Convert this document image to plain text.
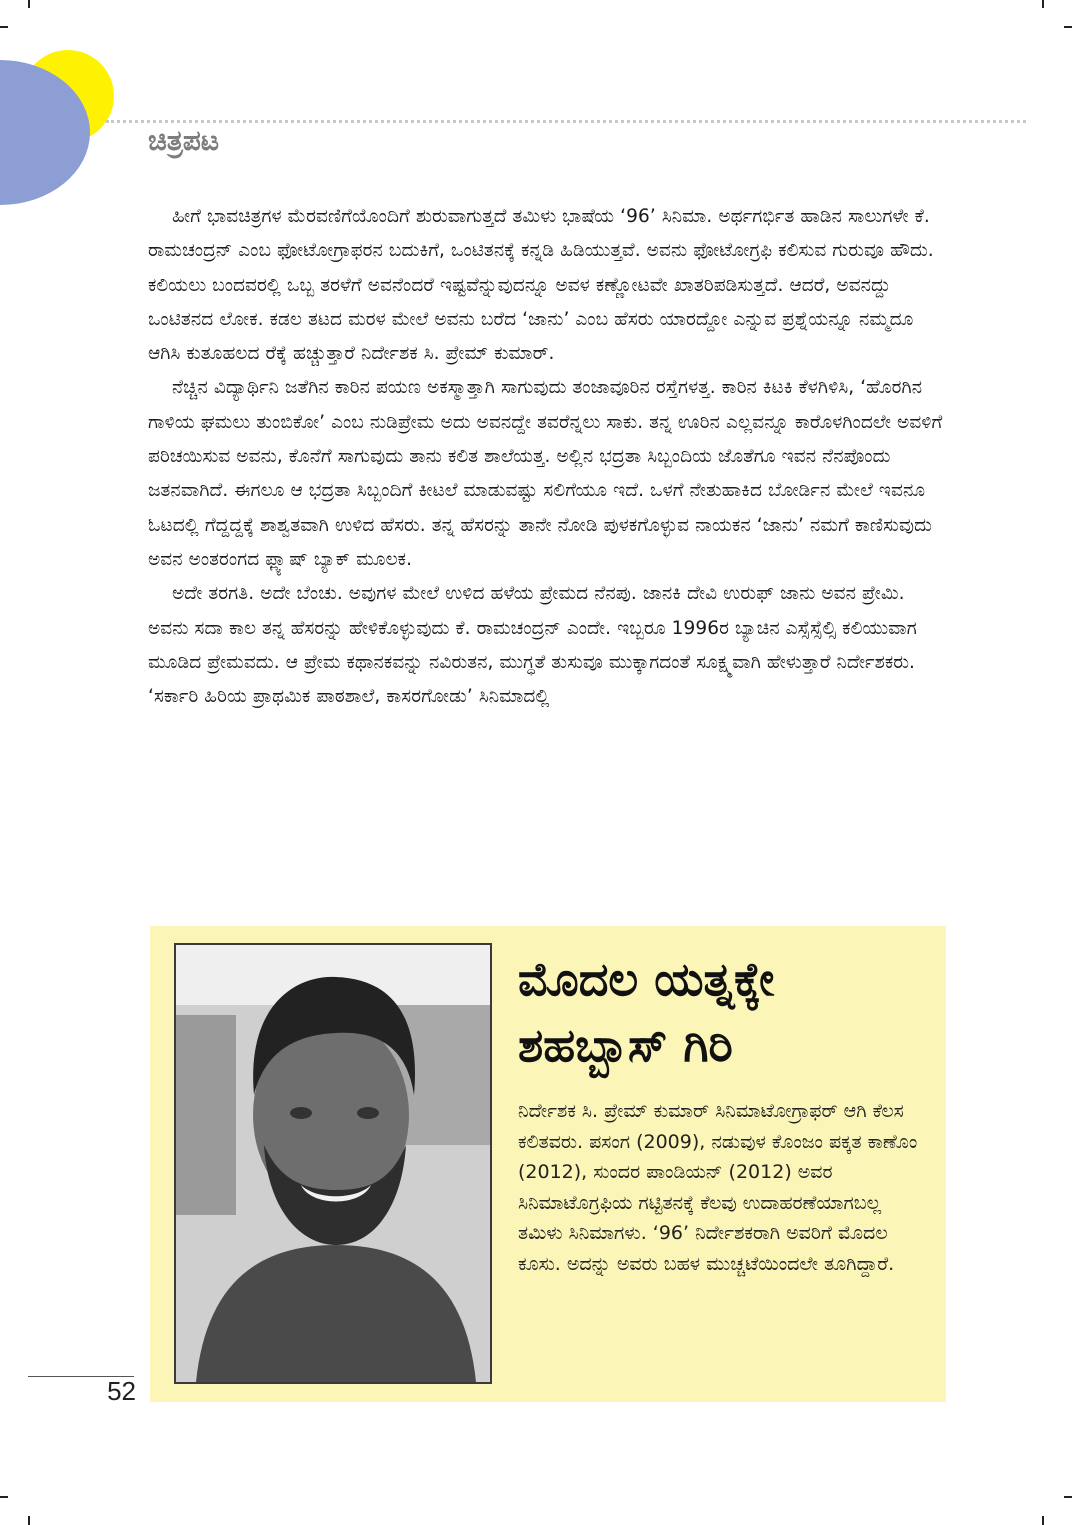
ಚಿತ್ರಪಟ

ಹೀಗೆ ಭಾವಚಿತ್ರಗಳ ಮೆರವಣಿಗೆಯೊಂದಿಗೆ ಶುರುವಾಗುತ್ತದೆ ತಮಿಳು ಭಾಷೆಯ ‘96’ ಸಿನಿಮಾ. ಅರ್ಥಗರ್ಭಿತ ಹಾಡಿನ ಸಾಲುಗಳೇ ಕೆ. ರಾಮಚಂದ್ರನ್ ಎಂಬ ಫೋಟೋಗ್ರಾಫರನ ಬದುಕಿಗೆ, ಒಂಟಿತನಕ್ಕೆ ಕನ್ನಡಿ ಹಿಡಿಯುತ್ತವೆ. ಅವನು ಫೋಟೋಗ್ರಫಿ ಕಲಿಸುವ ಗುರುವೂ ಹೌದು. ಕಲಿಯಲು ಬಂದವರಲ್ಲಿ ಒಬ್ಬ ತರಳೆಗೆ ಅವನೆಂದರೆ ಇಷ್ಟವೆನ್ನುವುದನ್ನೂ ಅವಳ ಕಣ್ಣೋಟವೇ ಖಾತರಿಪಡಿಸುತ್ತದೆ. ಆದರೆ, ಅವನದ್ದು ಒಂಟಿತನದ ಲೋಕ. ಕಡಲ ತಟದ ಮರಳ ಮೇಲೆ ಅವನು ಬರೆದ ‘ಜಾನು’ ಎಂಬ ಹೆಸರು ಯಾರದ್ದೋ ಎನ್ನುವ ಪ್ರಶ್ನೆಯನ್ನೂ ನಮ್ಮದೂ ಆಗಿಸಿ ಕುತೂಹಲದ ರೆಕ್ಕೆ ಹಚ್ಚುತ್ತಾರೆ ನಿರ್ದೇಶಕ ಸಿ. ಪ್ರೇಮ್ ಕುಮಾರ್.

ನೆಚ್ಚಿನ ವಿದ್ಯಾರ್ಥಿನಿ ಜತೆಗಿನ ಕಾರಿನ ಪಯಣ ಅಕಸ್ಮಾತ್ತಾಗಿ ಸಾಗುವುದು ತಂಜಾವೂರಿನ ರಸ್ತೆಗಳತ್ತ. ಕಾರಿನ ಕಿಟಕಿ ಕೆಳಗಿಳಿಸಿ, ‘ಹೊರಗಿನ ಗಾಳಿಯ ಘಮಲು ತುಂಬಿಕೋ’ ಎಂಬ ನುಡಿಪ್ರೇಮ ಅದು ಅವನದ್ದೇ ತವರೆನ್ನಲು ಸಾಕು. ತನ್ನ ಊರಿನ ಎಲ್ಲವನ್ನೂ ಕಾರೊಳಗಿಂದಲೇ ಅವಳಿಗೆ ಪರಿಚಯಿಸುವ ಅವನು, ಕೊನೆಗೆ ಸಾಗುವುದು ತಾನು ಕಲಿತ ಶಾಲೆಯತ್ತ. ಅಲ್ಲಿನ ಭದ್ರತಾ ಸಿಬ್ಬಂದಿಯ ಜೊತೆಗೂ ಇವನ ನೆನಪೊಂದು ಜತನವಾಗಿದೆ. ಈಗಲೂ ಆ ಭದ್ರತಾ ಸಿಬ್ಬಂದಿಗೆ ಕೀಟಲೆ ಮಾಡುವಷ್ಟು ಸಲಿಗೆಯೂ ಇದೆ. ಒಳಗೆ ನೇತುಹಾಕಿದ ಬೋರ್ಡಿನ ಮೇಲೆ ಇವನೂ ಓಟದಲ್ಲಿ ಗೆದ್ದದ್ದಕ್ಕೆ ಶಾಶ್ವತವಾಗಿ ಉಳಿದ ಹೆಸರು. ತನ್ನ ಹೆಸರನ್ನು ತಾನೇ ನೋಡಿ ಪುಳಕಗೊಳ್ಳುವ ನಾಯಕನ ‘ಜಾನು’ ನಮಗೆ ಕಾಣಿಸುವುದು ಅವನ ಅಂತರಂಗದ ಫ್ಲ್ಯಾಷ್ ಬ್ಯಾಕ್ ಮೂಲಕ.

ಅದೇ ತರಗತಿ. ಅದೇ ಬೆಂಚು. ಅವುಗಳ ಮೇಲೆ ಉಳಿದ ಹಳೆಯ ಪ್ರೇಮದ ನೆನಪು. ಜಾನಕಿ ದೇವಿ ಉರುಫ್ ಜಾನು ಅವನ ಪ್ರೇಮಿ. ಅವನು ಸದಾ ಕಾಲ ತನ್ನ ಹೆಸರನ್ನು ಹೇಳಿಕೊಳ್ಳುವುದು ಕೆ. ರಾಮಚಂದ್ರನ್ ಎಂದೇ. ಇಬ್ಬರೂ 1996ರ ಬ್ಯಾಚಿನ ಎಸ್ಸೆಸ್ಸೆಲ್ಸಿ ಕಲಿಯುವಾಗ ಮೂಡಿದ ಪ್ರೇಮವದು. ಆ ಪ್ರೇಮ ಕಥಾನಕವನ್ನು ನವಿರುತನ, ಮುಗ್ಧತೆ ತುಸುವೂ ಮುಕ್ಕಾಗದಂತೆ ಸೂಕ್ಷ್ಮವಾಗಿ ಹೇಳುತ್ತಾರೆ ನಿರ್ದೇಶಕರು. ‘ಸರ್ಕಾರಿ ಹಿರಿಯ ಪ್ರಾಥಮಿಕ ಪಾಠಶಾಲೆ, ಕಾಸರಗೋಡು’ ಸಿನಿಮಾದಲ್ಲಿ

ಮೊದಲ ಯತ್ನಕ್ಕೇ
ಶಹಬ್ಬಾಸ್ ಗಿರಿ

ನಿರ್ದೇಶಕ ಸಿ. ಪ್ರೇಮ್ ಕುಮಾರ್ ಸಿನಿಮಾಟೋಗ್ರಾಫರ್ ಆಗಿ ಕೆಲಸ ಕಲಿತವರು. ಪಸಂಗ (2009), ನಡುವುಳ ಕೊಂಜಂ ಪಕ್ಕತ ಕಾಣೊಂ (2012), ಸುಂದರ ಪಾಂಡಿಯನ್ (2012) ಅವರ ಸಿನಿಮಾಟೊಗ್ರಫಿಯ ಗಟ್ಟಿತನಕ್ಕೆ ಕೆಲವು ಉದಾಹರಣೆಯಾಗಬಲ್ಲ ತಮಿಳು ಸಿನಿಮಾಗಳು. ‘96’ ನಿರ್ದೇಶಕರಾಗಿ ಅವರಿಗೆ ಮೊದಲ ಕೂಸು. ಅದನ್ನು ಅವರು ಬಹಳ ಮುಚ್ಚಟೆಯಿಂದಲೇ ತೂಗಿದ್ದಾರೆ.

52
